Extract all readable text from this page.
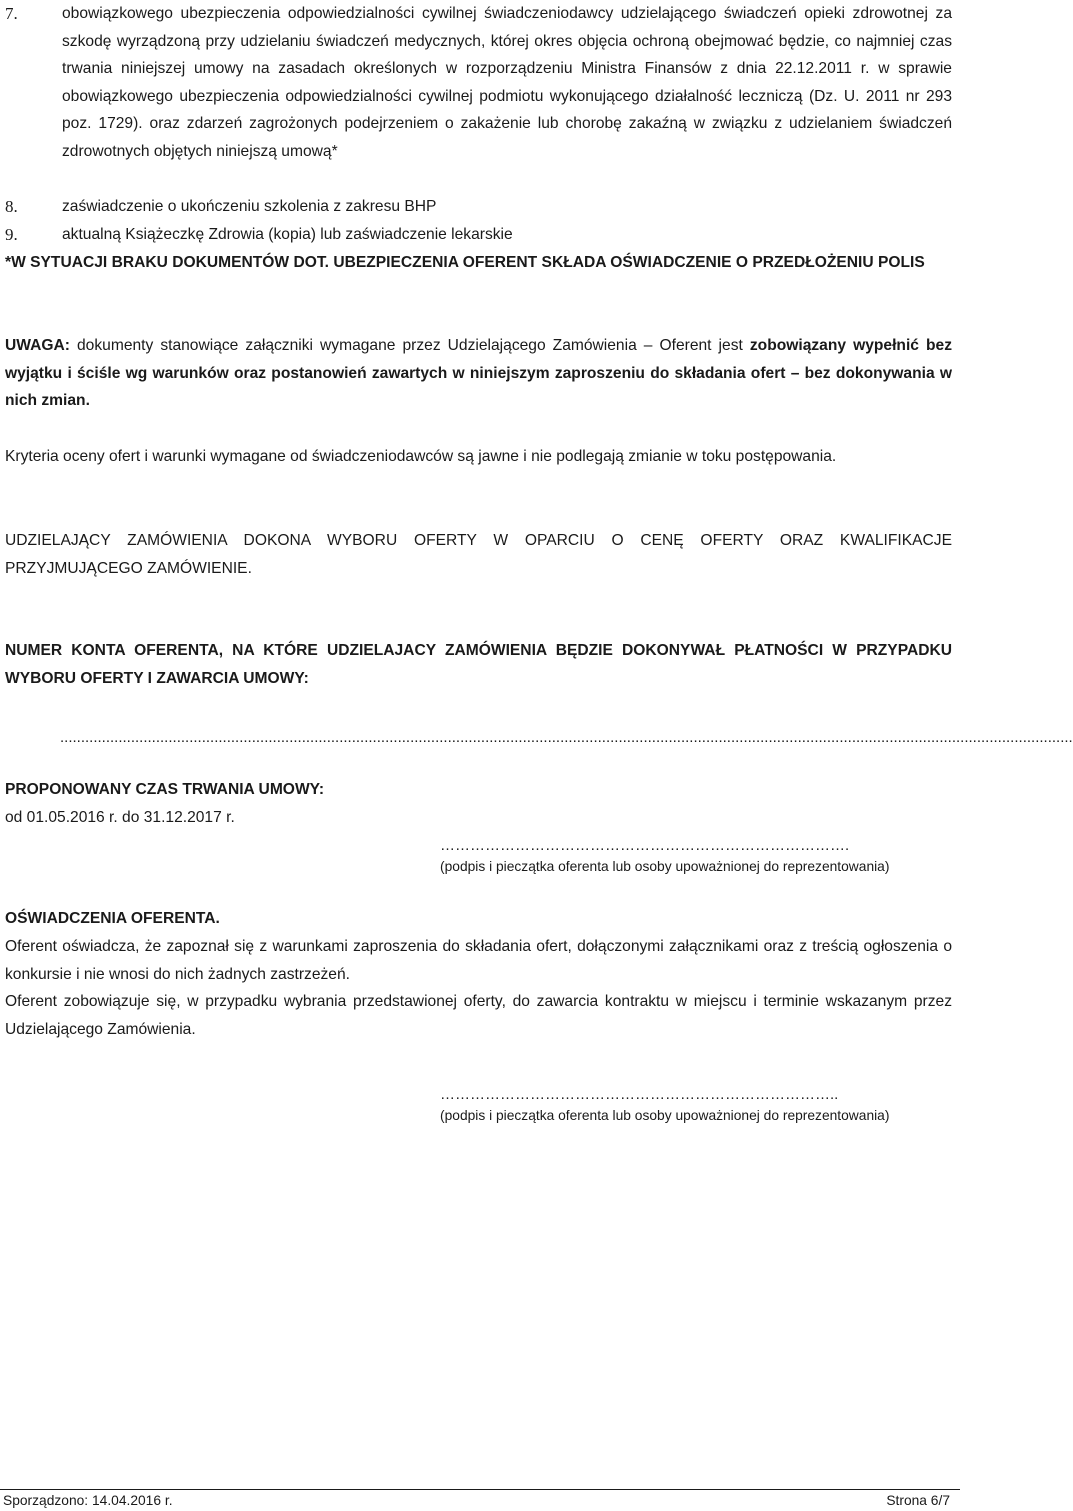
7.	obowiązkowego ubezpieczenia odpowiedzialności cywilnej świadczeniodawcy udzielającego świadczeń opieki zdrowotnej za szkodę wyrządzoną przy udzielaniu świadczeń medycznych, której okres objęcia ochroną obejmować będzie, co najmniej czas trwania niniejszej umowy na zasadach określonych w rozporządzeniu Ministra Finansów z dnia 22.12.2011 r. w sprawie obowiązkowego ubezpieczenia odpowiedzialności cywilnej podmiotu wykonującego działalność leczniczą (Dz. U. 2011 nr 293 poz. 1729). oraz zdarzeń zagrożonych podejrzeniem o zakażenie lub chorobę zakaźną w związku z udzielaniem świadczeń zdrowotnych objętych niniejszą umową*
8.	zaświadczenie o ukończeniu szkolenia z zakresu BHP
9.	aktualną Książeczkę Zdrowia (kopia) lub zaświadczenie lekarskie
*W SYTUACJI BRAKU DOKUMENTÓW DOT. UBEZPIECZENIA OFERENT SKŁADA OŚWIADCZENIE O PRZEDŁOŻENIU POLIS
UWAGA: dokumenty stanowiące załączniki wymagane przez Udzielającego Zamówienia – Oferent jest zobowiązany wypełnić bez wyjątku i ściśle wg warunków oraz postanowień zawartych w niniejszym zaproszeniu do składania ofert – bez dokonywania w nich zmian.
Kryteria oceny ofert i warunki wymagane od świadczeniodawców są jawne i nie podlegają zmianie w toku postępowania.
UDZIELAJĄCY ZAMÓWIENIA DOKONA WYBORU OFERTY W OPARCIU O CENĘ OFERTY ORAZ KWALIFIKACJE PRZYJMUJĄCEGO ZAMÓWIENIE.
NUMER KONTA OFERENTA, NA KTÓRE UDZIELAJACY ZAMÓWIENIA BĘDZIE DOKONYWAŁ PŁATNOŚCI W PRZYPADKU WYBORU OFERTY I ZAWARCIA UMOWY:
...................................................................................................................................................................................................................................................
PROPONOWANY CZAS TRWANIA UMOWY:
od 01.05.2016 r. do 31.12.2017 r.
……………………………………………………………………….
(podpis i pieczątka oferenta lub osoby upoważnionej do reprezentowania)
OŚWIADCZENIA OFERENTA.
Oferent oświadcza, że zapoznał się z warunkami zaproszenia do składania ofert, dołączonymi załącznikami oraz z treścią ogłoszenia o konkursie i nie wnosi do nich żadnych zastrzeżeń.
Oferent zobowiązuje się, w przypadku wybrania przedstawionej oferty, do zawarcia kontraktu w miejscu i terminie wskazanym przez Udzielającego Zamówienia.
……………………………………………………………………..
(podpis i pieczątka oferenta lub osoby upoważnionej do reprezentowania)
Sporządzono: 14.04.2016 r.	Strona 6/7
